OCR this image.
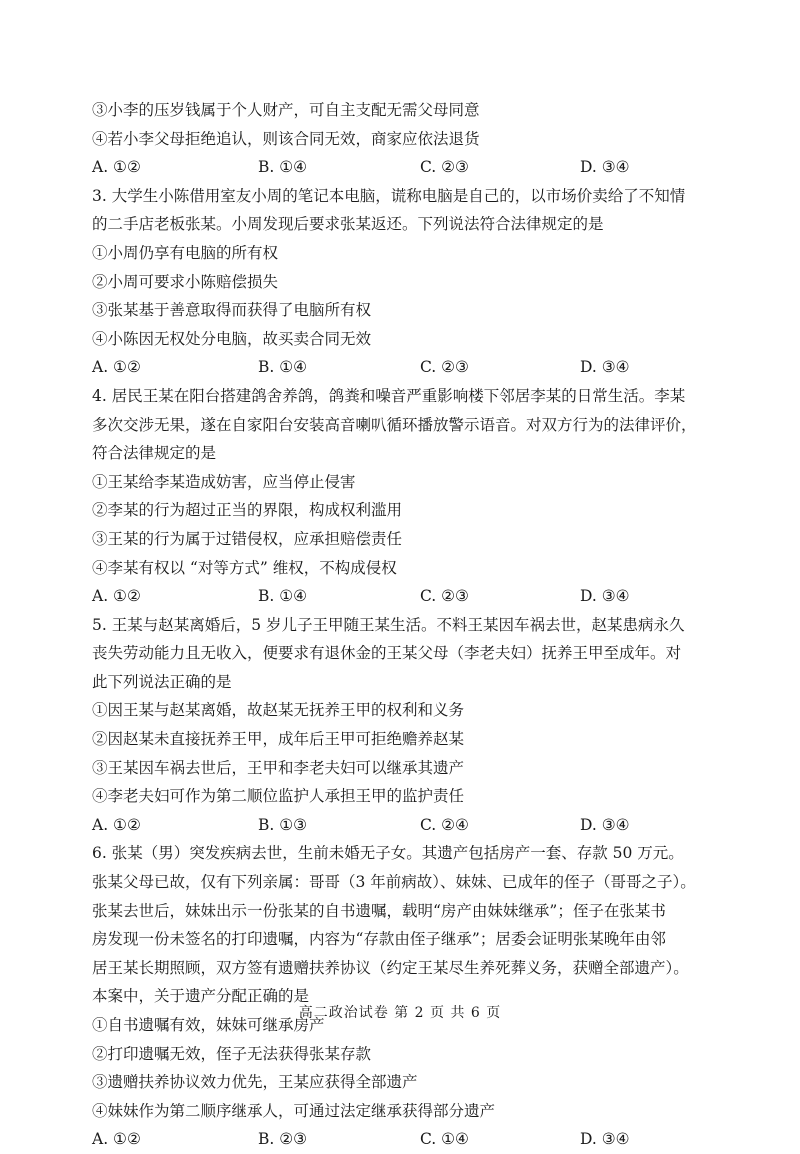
③小李的压岁钱属于个人财产，可自主支配无需父母同意
④若小李父母拒绝追认，则该合同无效，商家应依法退货
A. ①②	B. ①④	C. ②③	D. ③④
3. 大学生小陈借用室友小周的笔记本电脑，谎称电脑是自己的，以市场价卖给了不知情
的二手店老板张某。小周发现后要求张某返还。下列说法符合法律规定的是
①小周仍享有电脑的所有权
②小周可要求小陈赔偿损失
③张某基于善意取得而获得了电脑所有权
④小陈因无权处分电脑，故买卖合同无效
A. ①②	B. ①④	C. ②③	D. ③④
4. 居民王某在阳台搭建鸽舍养鸽，鸽粪和噪音严重影响楼下邻居李某的日常生活。李某
多次交涉无果，遂在自家阳台安装高音喇叭循环播放警示语音。对双方行为的法律评价，
符合法律规定的是
①王某给李某造成妨害，应当停止侵害
②李某的行为超过正当的界限，构成权利滥用
③王某的行为属于过错侵权，应承担赔偿责任
④李某有权以 “对等方式” 维权，不构成侵权
A. ①②	B. ①④	C. ②③	D. ③④
5. 王某与赵某离婚后，5 岁儿子王甲随王某生活。不料王某因车祸去世，赵某患病永久
丧失劳动能力且无收入，便要求有退休金的王某父母（李老夫妇）抚养王甲至成年。对
此下列说法正确的是
①因王某与赵某离婚，故赵某无抚养王甲的权利和义务
②因赵某未直接抚养王甲，成年后王甲可拒绝赡养赵某
③王某因车祸去世后，王甲和李老夫妇可以继承其遗产
④李老夫妇可作为第二顺位监护人承担王甲的监护责任
A. ①②	B. ①③	C. ②④	D. ③④
6. 张某（男）突发疾病去世，生前未婚无子女。其遗产包括房产一套、存款 50 万元。
张某父母已故，仅有下列亲属：哥哥（3 年前病故）、妹妹、已成年的侄子（哥哥之子）。
张某去世后，妹妹出示一份张某的自书遗嘱，载明“房产由妹妹继承”；侄子在张某书
房发现一份未签名的打印遗嘱，内容为“存款由侄子继承”；居委会证明张某晚年由邻
居王某长期照顾，双方签有遗赠扶养协议（约定王某尽生养死葬义务，获赠全部遗产）。
本案中，关于遗产分配正确的是
①自书遗嘱有效，妹妹可继承房产
②打印遗嘱无效，侄子无法获得张某存款
③遗赠扶养协议效力优先，王某应获得全部遗产
④妹妹作为第二顺序继承人，可通过法定继承获得部分遗产
A. ①②	B. ②③	C. ①④	D. ③④
高二政治试卷 第 2 页 共 6 页
